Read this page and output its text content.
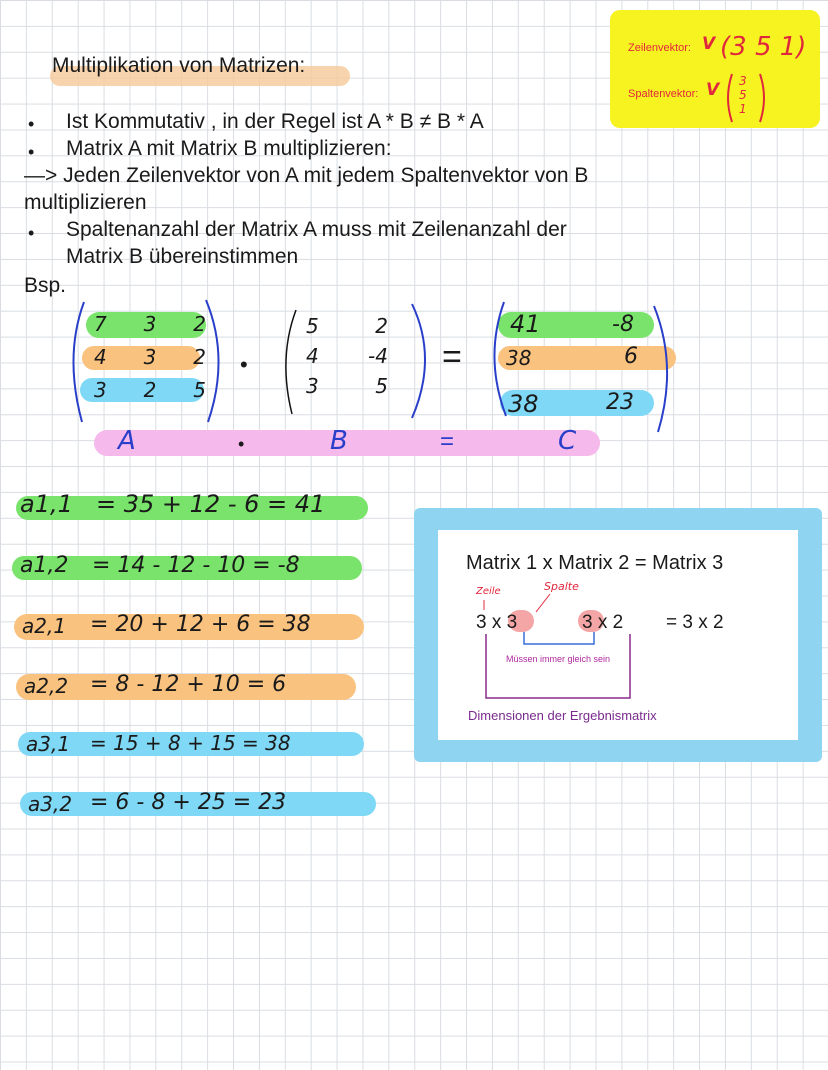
Multiplikation von Matrizen:
Zeilenvektor: V (3 5 1)
Spaltenvektor: V 3
5
1
• Ist Kommutativ , in der Regel ist A * B ≠ B * A
• Matrix A mit Matrix B multiplizieren:
—> Jeden Zeilenvektor von A mit jedem Spaltenvektor von B
multiplizieren
• Spaltenanzahl der Matrix A muss mit Zeilenanzahl der
Matrix B übereinstimmen
Bsp.
7 3 2
4 3 2
3 2 5
•
5	2
4 -4
3	5
=
41	-8
38	6
38	23
A	•	B	=	C
a1,1 = 35 + 12 - 6 = 41
a1,2 = 14 - 12 - 10 = -8
a2,1 = 20 + 12 + 6 = 38
a2,2 = 8 - 12 + 10 = 6
a3,1 = 15 + 8 + 15 = 38
a3,2 = 6 - 8 + 25 = 23
Matrix 1 x Matrix 2 = Matrix 3
Zeile	Spalte
3 x 3	3 x 2 = 3 x 2
Müssen immer gleich sein
Dimensionen der Ergebnismatrix
